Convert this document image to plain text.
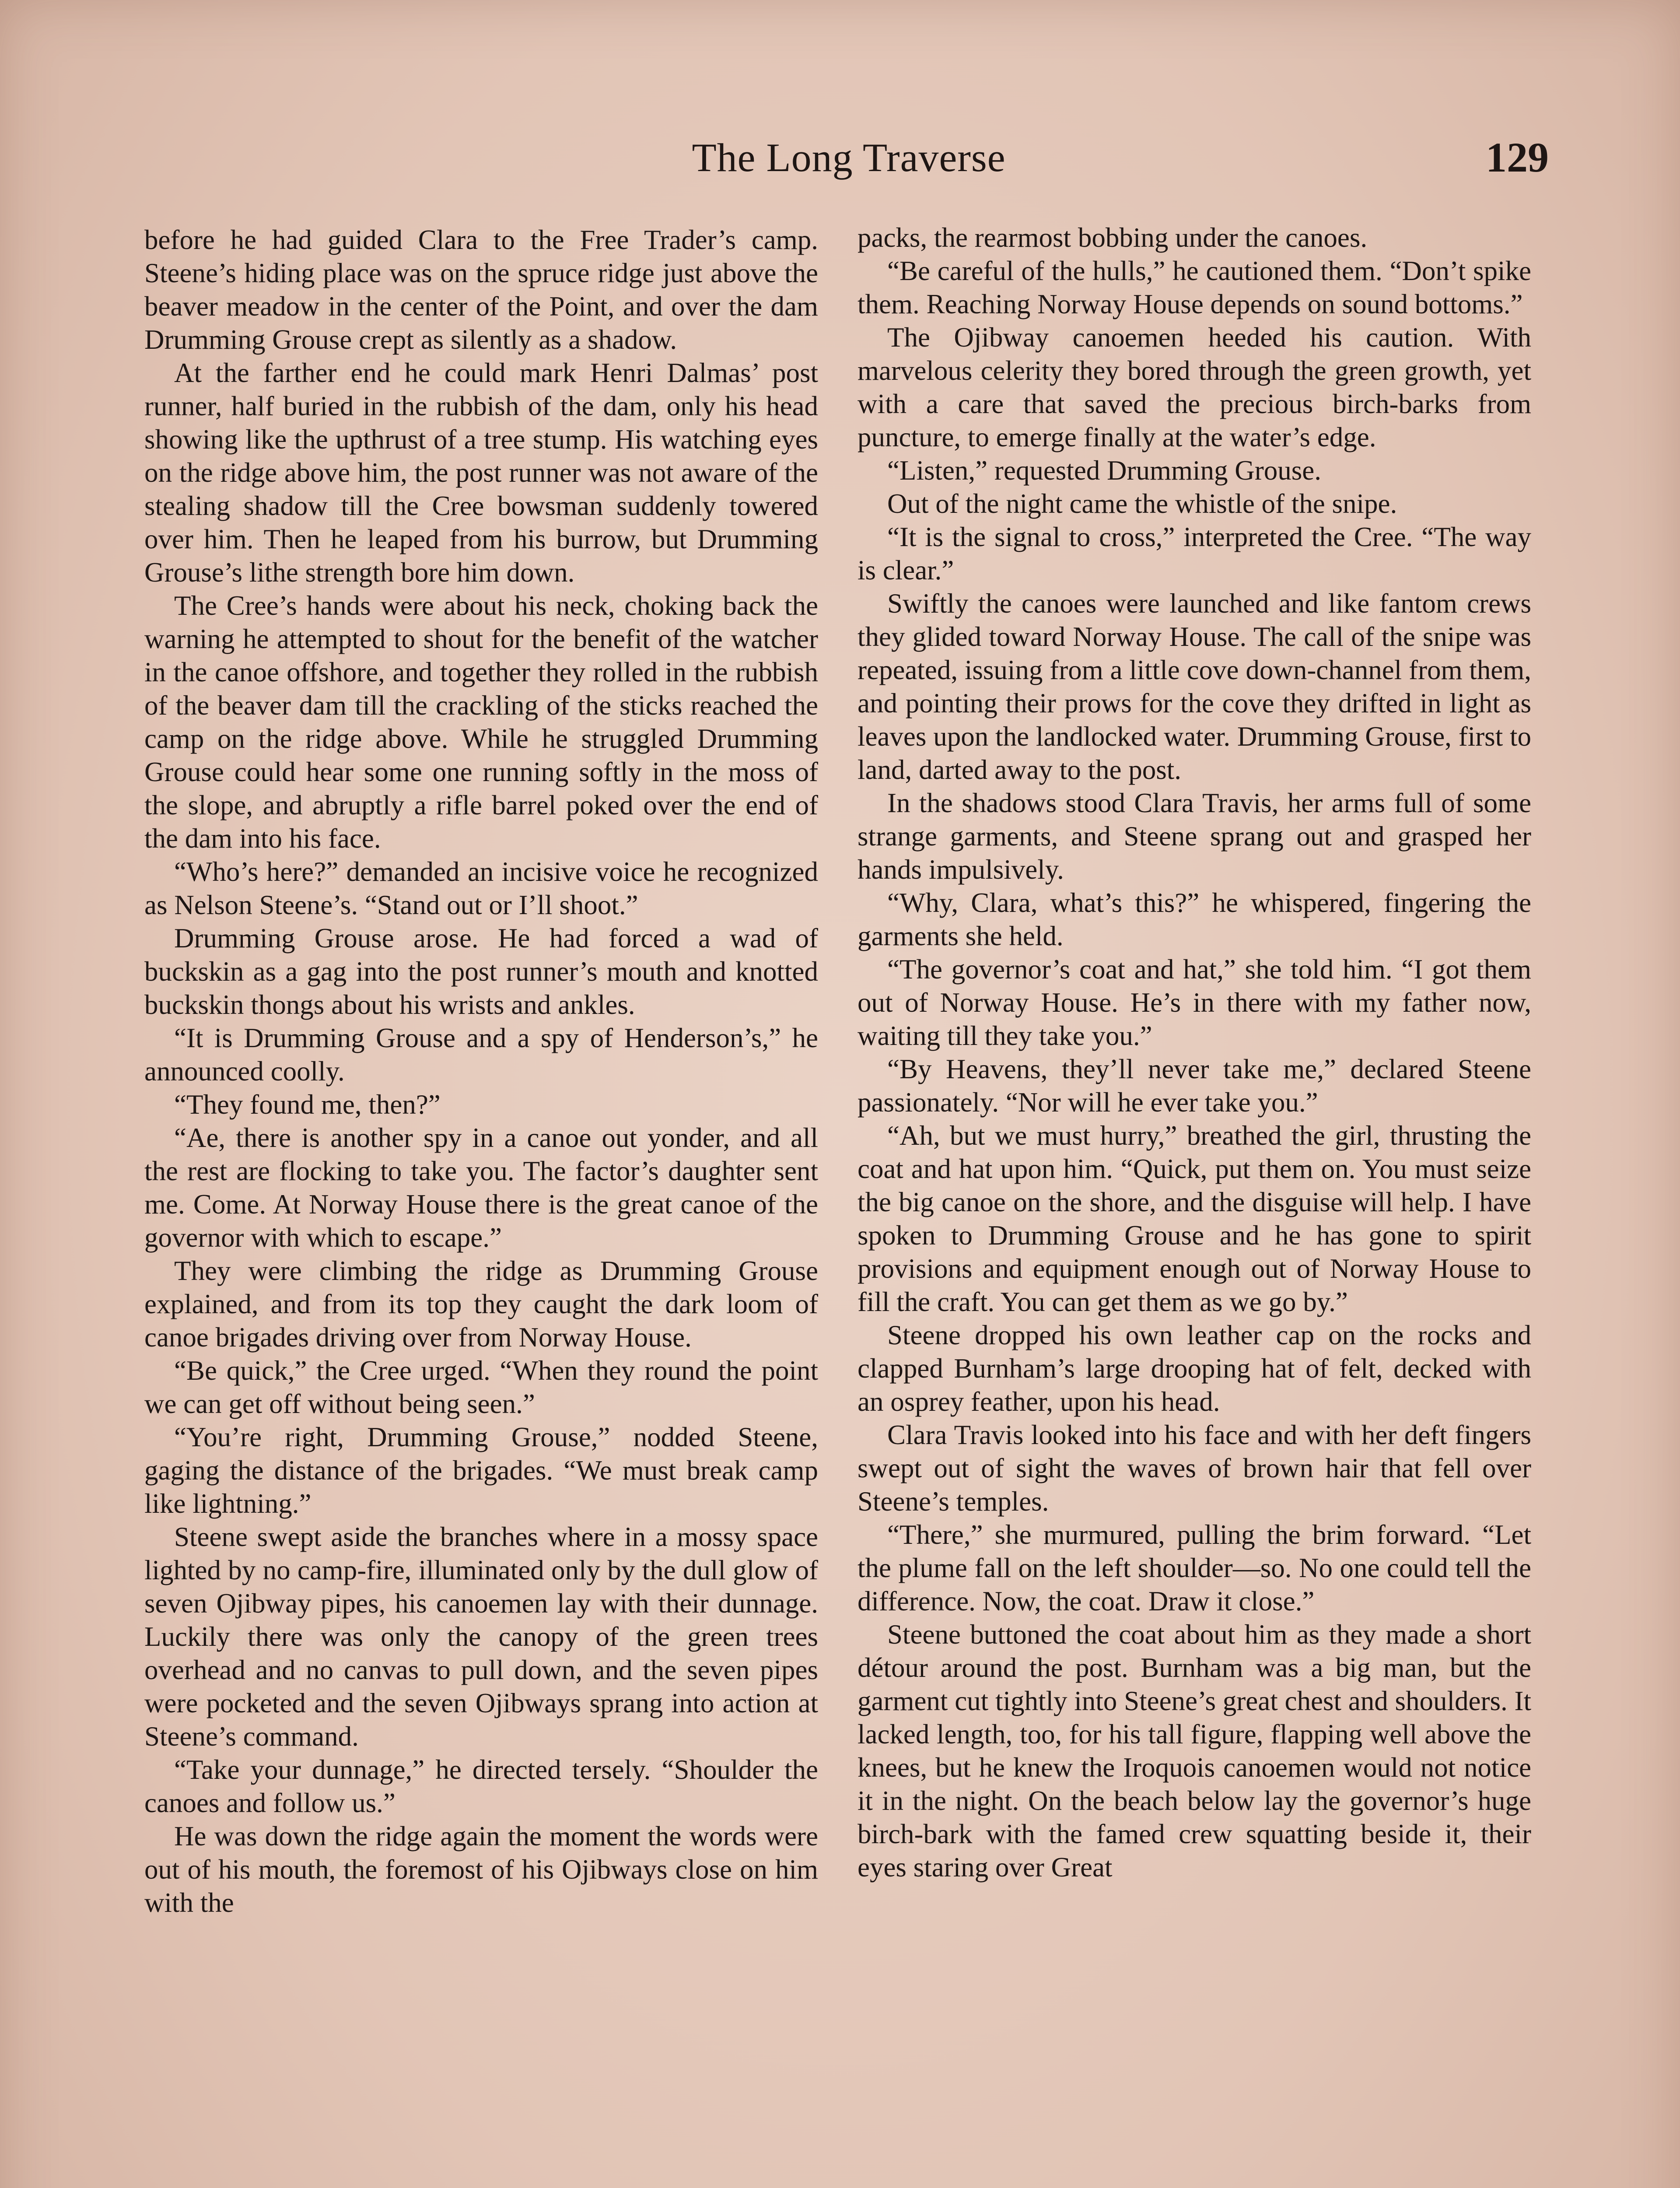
The Long Traverse	129

before he had guided Clara to the Free Trader’s camp. Steene’s hiding place was on the spruce ridge just above the beaver meadow in the center of the Point, and over the dam Drumming Grouse crept as silently as a shadow.

At the farther end he could mark Henri Dalmas’ post runner, half buried in the rubbish of the dam, only his head showing like the upthrust of a tree stump. His watching eyes on the ridge above him, the post runner was not aware of the stealing shadow till the Cree bowsman suddenly towered over him. Then he leaped from his burrow, but Drumming Grouse’s lithe strength bore him down.

The Cree’s hands were about his neck, choking back the warning he attempted to shout for the benefit of the watcher in the canoe offshore, and together they rolled in the rubbish of the beaver dam till the crackling of the sticks reached the camp on the ridge above. While he struggled Drumming Grouse could hear some one running softly in the moss of the slope, and abruptly a rifle barrel poked over the end of the dam into his face.

“Who’s here?” demanded an incisive voice he recognized as Nelson Steene’s. “Stand out or I’ll shoot.”

Drumming Grouse arose. He had forced a wad of buckskin as a gag into the post runner’s mouth and knotted buckskin thongs about his wrists and ankles.

“It is Drumming Grouse and a spy of Henderson’s,” he announced coolly.

“They found me, then?”

“Ae, there is another spy in a canoe out yonder, and all the rest are flocking to take you. The factor’s daughter sent me. Come. At Norway House there is the great canoe of the governor with which to escape.”

They were climbing the ridge as Drumming Grouse explained, and from its top they caught the dark loom of canoe brigades driving over from Norway House.

“Be quick,” the Cree urged. “When they round the point we can get off without being seen.”

“You’re right, Drumming Grouse,” nodded Steene, gaging the distance of the brigades. “We must break camp like lightning.”

Steene swept aside the branches where in a mossy space lighted by no camp-fire, illuminated only by the dull glow of seven Ojibway pipes, his canoemen lay with their dunnage. Luckily there was only the canopy of the green trees overhead and no canvas to pull down, and the seven pipes were pocketed and the seven Ojibways sprang into action at Steene’s command.

“Take your dunnage,” he directed tersely. “Shoulder the canoes and follow us.”

He was down the ridge again the moment the words were out of his mouth, the foremost of his Ojibways close on him with the

packs, the rearmost bobbing under the canoes.

“Be careful of the hulls,” he cautioned them. “Don’t spike them. Reaching Norway House depends on sound bottoms.”

The Ojibway canoemen heeded his caution. With marvelous celerity they bored through the green growth, yet with a care that saved the precious birch-barks from puncture, to emerge finally at the water’s edge.

“Listen,” requested Drumming Grouse.

Out of the night came the whistle of the snipe.

“It is the signal to cross,” interpreted the Cree. “The way is clear.”

Swiftly the canoes were launched and like fantom crews they glided toward Norway House. The call of the snipe was repeated, issuing from a little cove down-channel from them, and pointing their prows for the cove they drifted in light as leaves upon the landlocked water. Drumming Grouse, first to land, darted away to the post.

In the shadows stood Clara Travis, her arms full of some strange garments, and Steene sprang out and grasped her hands impulsively.

“Why, Clara, what’s this?” he whispered, fingering the garments she held.

“The governor’s coat and hat,” she told him. “I got them out of Norway House. He’s in there with my father now, waiting till they take you.”

“By Heavens, they’ll never take me,” declared Steene passionately. “Nor will he ever take you.”

“Ah, but we must hurry,” breathed the girl, thrusting the coat and hat upon him. “Quick, put them on. You must seize the big canoe on the shore, and the disguise will help. I have spoken to Drumming Grouse and he has gone to spirit provisions and equipment enough out of Norway House to fill the craft. You can get them as we go by.”

Steene dropped his own leather cap on the rocks and clapped Burnham’s large drooping hat of felt, decked with an osprey feather, upon his head.

Clara Travis looked into his face and with her deft fingers swept out of sight the waves of brown hair that fell over Steene’s temples.

“There,” she murmured, pulling the brim forward. “Let the plume fall on the left shoulder—so. No one could tell the difference. Now, the coat. Draw it close.”

Steene buttoned the coat about him as they made a short détour around the post. Burnham was a big man, but the garment cut tightly into Steene’s great chest and shoulders. It lacked length, too, for his tall figure, flapping well above the knees, but he knew the Iroquois canoemen would not notice it in the night. On the beach below lay the governor’s huge birch-bark with the famed crew squatting beside it, their eyes staring over Great
